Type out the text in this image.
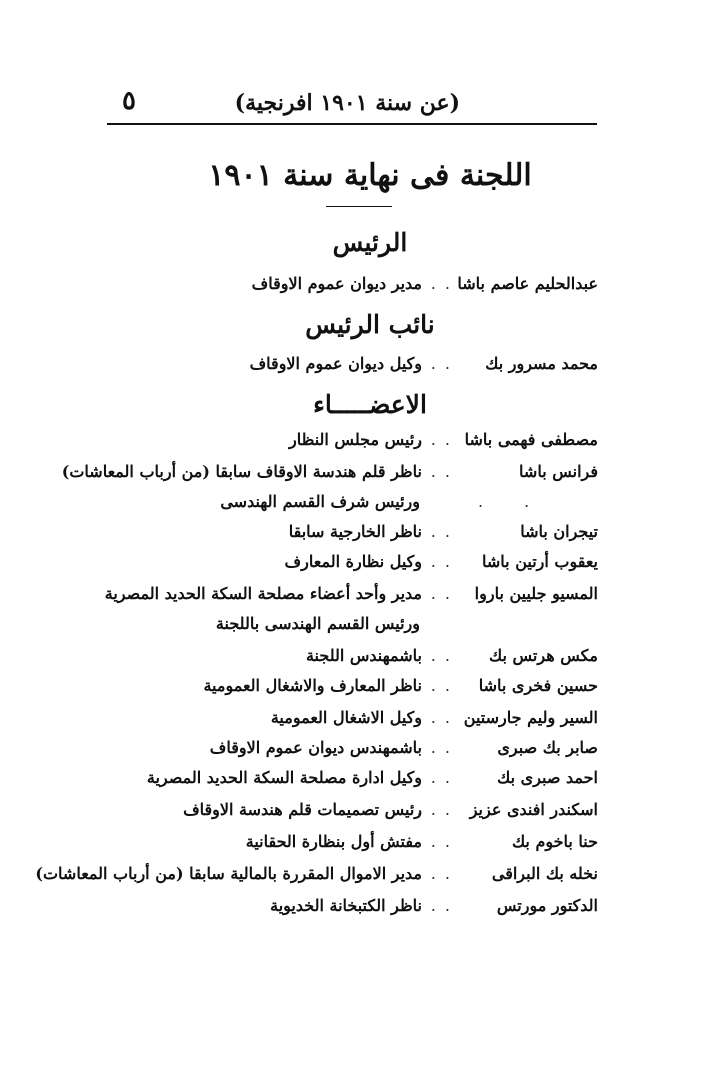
٥	(عن سنة ١٩٠١ افرنجية)
اللجنة فى نهاية سنة ١٩٠١
الرئيس
عبدالحليم عاصم باشا. . .مدير ديوان عموم الاوقاف
نائب الرئيس
محمد مسرور بك. . .وكيل ديوان عموم الاوقاف
الاعضـــــاء
مصطفى فهمى باشا. . .رئيس مجلس النظار
فرانس باشا. . .ناظر قلم هندسة الاوقاف سابقا (من أرباب المعاشات)
. .
ورئيس شرف القسم الهندسى
تيجران باشا. . .ناظر الخارجية سابقا
يعقوب أرتين باشا. . .وكيل نظارة المعارف
المسيو جليين باروا. . .مدير وأحد أعضاء مصلحة السكة الحديد المصرية
ورئيس القسم الهندسى باللجنة
مكس هرتس بك. . .باشمهندس اللجنة
حسين فخرى باشا. . .ناظر المعارف والاشغال العمومية
السير وليم جارستين. . .وكيل الاشغال العمومية
صابر بك صبرى. . .باشمهندس ديوان عموم الاوقاف
احمد صبرى بك. . .وكيل ادارة مصلحة السكة الحديد المصرية
اسكندر افندى عزيز. . .رئيس تصميمات قلم هندسة الاوقاف
حنا باخوم بك. . .مفتش أول بنظارة الحقانية
نخله بك البراقى. . .مدير الاموال المقررة بالمالية سابقا (من أرباب المعاشات)
الدكتور مورتس. . .ناظر الكتبخانة الخديوية
